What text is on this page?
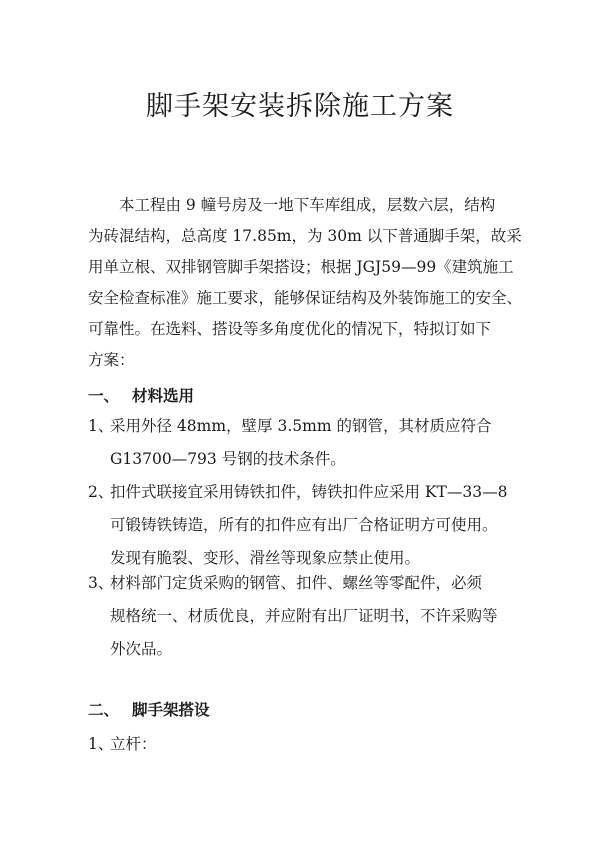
脚手架安装拆除施工方案
本工程由 9 幢号房及一地下车库组成，层数六层，结构
为砖混结构，总高度 17.85m，为 30m 以下普通脚手架，故采
用单立根、双排钢管脚手架搭设；根据 JGJ59—99《建筑施工
安全检查标准》施工要求，能够保证结构及外装饰施工的安全、
可靠性。在选料、搭设等多角度优化的情况下，特拟订如下
方案：
一、 材料选用
1、采用外径 48mm，壁厚 3.5mm 的钢管，其材质应符合
G13700—793 号钢的技术条件。
2、扣件式联接宜采用铸铁扣件，铸铁扣件应采用 KT—33—8
可锻铸铁铸造，所有的扣件应有出厂合格证明方可使用。
发现有脆裂、变形、滑丝等现象应禁止使用。
3、材料部门定货采购的钢管、扣件、螺丝等零配件，必须
规格统一、材质优良，并应附有出厂证明书，不许采购等
外次品。
二、 脚手架搭设
1、立杆：
